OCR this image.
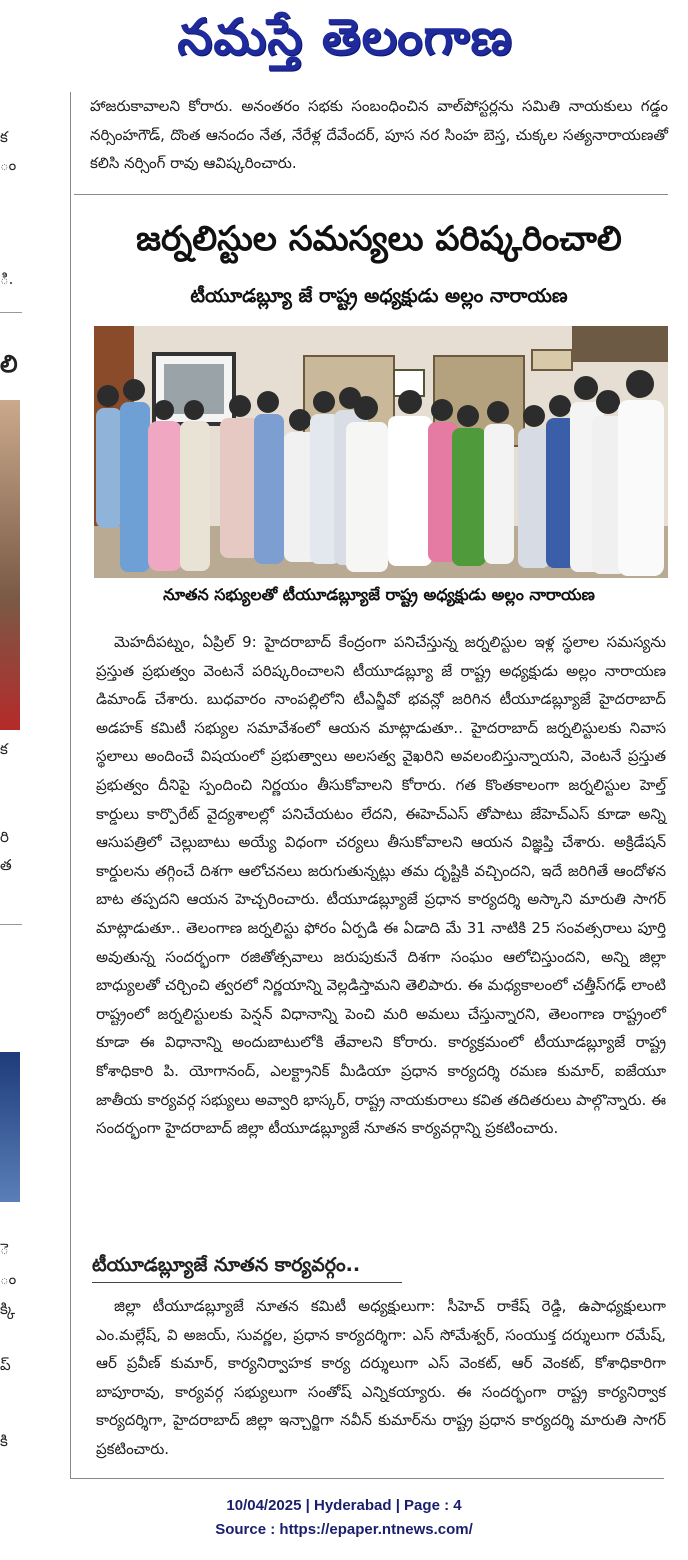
నమస్తే తెలంగాణ
క
ం
ి.
లి
క
రి
త
ె
ం
క్కి
ప్
కి

హాజరుకావాలని కోరారు. అనంతరం సభకు సంబంధించిన వాల్‌పోస్టర్లను సమితి నాయకులు గడ్డం నర్సింహగౌడ్, దొంత ఆనందం నేత, నేరేళ్ల దేవేందర్, పూస నర సింహ బెస్త, చుక్కల సత్యనారాయణతో కలిసి నర్సింగ్ రావు ఆవిష్కరించారు.

జర్నలిస్టుల సమస్యలు పరిష్కరించాలి
టీయూడబ్ల్యూ జే రాష్ట్ర అధ్యక్షుడు అల్లం నారాయణ
నూతన సభ్యులతో టీయూడబ్ల్యూజే రాష్ట్ర అధ్యక్షుడు అల్లం నారాయణ

మెహదీపట్నం, ఏప్రిల్ 9: హైదరాబాద్ కేంద్రంగా పనిచేస్తున్న జర్నలిస్టుల ఇళ్ల స్థలాల సమస్యను ప్రస్తుత ప్రభుత్వం వెంటనే పరిష్కరించాలని టీయూడబ్ల్యూ జే రాష్ట్ర అధ్యక్షుడు అల్లం నారాయణ డిమాండ్ చేశారు. బుధవారం నాంపల్లిలోని టీఎన్జీవో భవన్లో జరిగిన టీయూడబ్ల్యూజే హైదరాబాద్ అడహక్ కమిటీ సభ్యుల సమావేశంలో ఆయన మాట్లాడుతూ.. హైదరాబాద్ జర్నలిస్టులకు నివాస స్థలాలు అందించే విషయంలో ప్రభుత్వాలు అలసత్వ వైఖరిని అవలంబిస్తున్నాయని, వెంటనే ప్రస్తుత ప్రభుత్వం దీనిపై స్పందించి నిర్ణయం తీసుకోవాలని కోరారు. గత కొంతకాలంగా జర్నలిస్టుల హెల్త్ కార్డులు కార్పొరేట్ వైద్యశాలల్లో పనిచేయటం లేదని, ఈహెచ్‌ఎస్ తోపాటు జేహెచ్‌ఎస్ కూడా అన్ని ఆసుపత్రిలో చెల్లుబాటు అయ్యే విధంగా చర్యలు తీసుకోవాలని ఆయన విజ్ఞప్తి చేశారు. అక్రిడేషన్ కార్డులను తగ్గించే దిశగా ఆలోచనలు జరుగుతున్నట్లు తమ దృష్టికి వచ్చిందని, ఇదే జరిగితే ఆందోళన బాట తప్పదని ఆయన హెచ్చరించారు. టీయూడబ్ల్యూజే ప్రధాన కార్యదర్శి అస్కాని మారుతి సాగర్ మాట్లాడుతూ.. తెలంగాణ జర్నలిస్టు ఫోరం ఏర్పడి ఈ ఏడాది మే 31 నాటికి 25 సంవత్సరాలు పూర్తి అవుతున్న సందర్భంగా రజితోత్సవాలు జరుపుకునే దిశగా సంఘం ఆలోచిస్తుందని, అన్ని జిల్లా బాధ్యులతో చర్చించి త్వరలో నిర్ణయాన్ని వెల్లడిస్తామని తెలిపారు. ఈ మధ్యకాలంలో చత్తీస్‌గఢ్ లాంటి రాష్ట్రంలో జర్నలిస్టులకు పెన్షన్ విధానాన్ని పెంచి మరి అమలు చేస్తున్నారని, తెలంగాణ రాష్ట్రంలో కూడా ఈ విధానాన్ని అందుబాటులోకి తేవాలని కోరారు. కార్యక్రమంలో టీయూడబ్ల్యూజే రాష్ట్ర కోశాధికారి పి. యోగానంద్, ఎలక్ట్రానిక్ మీడియా ప్రధాన కార్యదర్శి రమణ కుమార్, ఐజేయూ జాతీయ కార్యవర్గ సభ్యులు అవ్వారి భాస్కర్, రాష్ట్ర నాయకురాలు కవిత తదితరులు పాల్గొన్నారు. ఈ సందర్భంగా హైదరాబాద్ జిల్లా టీయూడబ్ల్యూజే నూతన కార్యవర్గాన్ని ప్రకటించారు.

టీయూడబ్ల్యూజే నూతన కార్యవర్గం..

జిల్లా టీయూడబ్ల్యూజే నూతన కమిటీ అధ్యక్షులుగా: సీహెచ్ రాకేష్ రెడ్డి, ఉపాధ్యక్షులుగా ఎం.మల్లేష్, వి అజయ్, సువర్ణల, ప్రధాన కార్యదర్శిగా: ఎస్ సోమేశ్వర్, సంయుక్త దర్శులుగా రమేష్, ఆర్ ప్రవీణ్ కుమార్, కార్యనిర్వాహక కార్య దర్శులుగా ఎస్ వెంకట్, ఆర్ వెంకట్, కోశాధికారిగా బాపూరావు, కార్యవర్గ సభ్యులుగా సంతోష్ ఎన్నికయ్యారు. ఈ సందర్భంగా రాష్ట్ర కార్యనిర్వాక కార్యదర్శిగా, హైదరాబాద్ జిల్లా ఇన్చార్జిగా నవీన్ కుమార్‌ను రాష్ట్ర ప్రధాన కార్యదర్శి మారుతి సాగర్ ప్రకటించారు.

10/04/2025 | Hyderabad | Page : 4
Source : https://epaper.ntnews.com/
